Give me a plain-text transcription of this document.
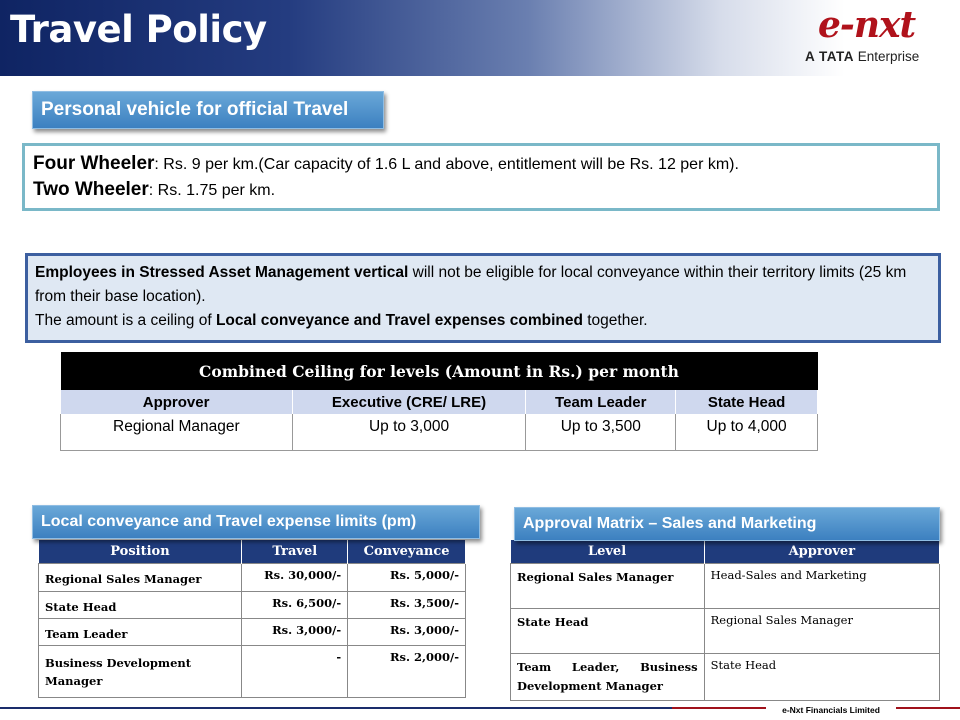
Travel Policy	e-nxt
A TATA Enterprise
Personal vehicle for official Travel
Four Wheeler: Rs. 9 per km.(Car capacity of 1.6 L and above, entitlement will be Rs. 12 per km).
Two Wheeler: Rs. 1.75 per km.
Employees in Stressed Asset Management vertical will not be eligible for local conveyance within their territory limits (25 km from their base location).
The amount is a ceiling of Local conveyance and Travel expenses combined together.
Combined Ceiling for levels (Amount in Rs.) per month			
Approver	Executive (CRE/ LRE)	Team Leader	State Head
Regional Manager	Up to 3,000	Up to 3,500	Up to 4,000
Position	Travel	Conveyance
Regional Sales Manager	Rs. 30,000/-	Rs. 5,000/-
State Head	Rs. 6,500/-	Rs. 3,500/-
Team Leader	Rs. 3,000/-	Rs. 3,000/-
Business Development Manager	-	Rs. 2,000/-
Local conveyance and Travel expense limits (pm)
Level	Approver
Regional Sales Manager	Head-Sales and Marketing
State Head	Regional Sales Manager
Team Leader, Business Development Manager	State Head
Approval Matrix – Sales and Marketing
e-Nxt Financials Limited
